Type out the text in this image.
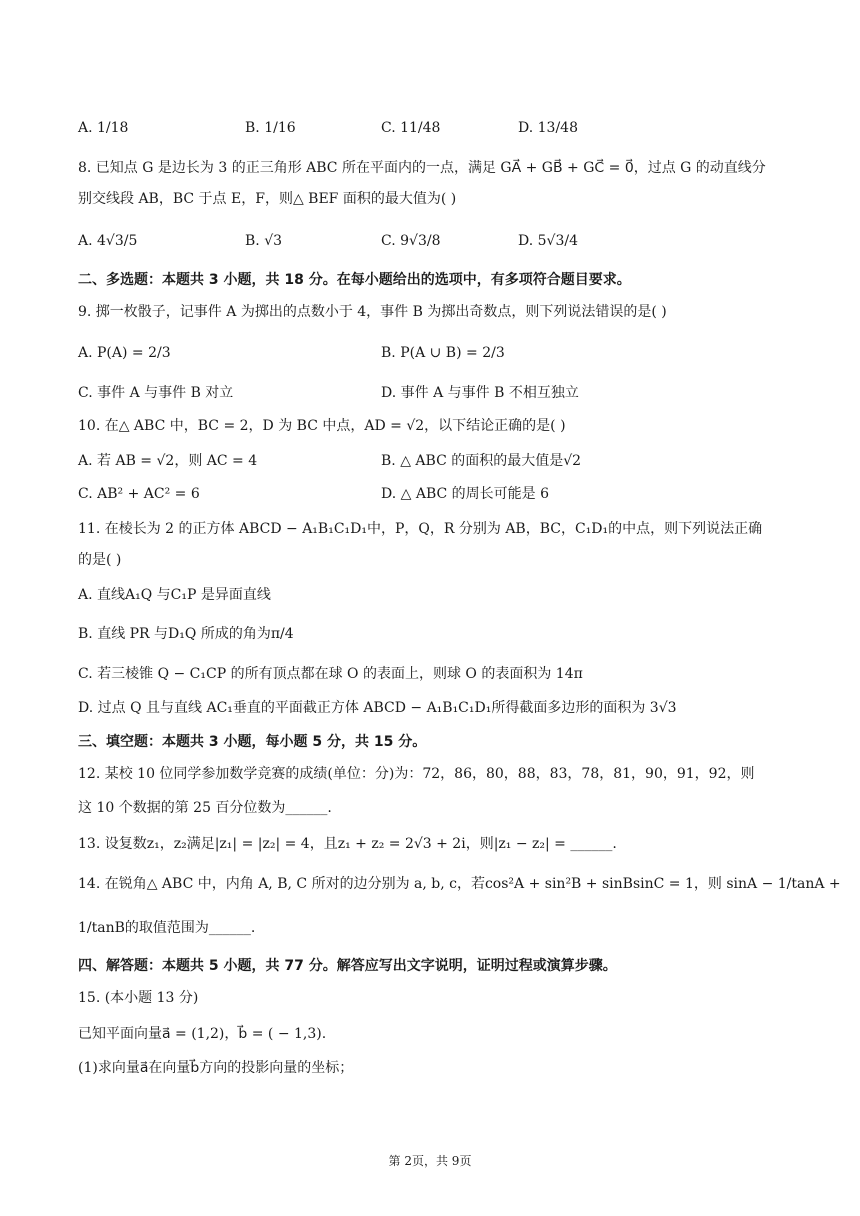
A. 1/18	B. 1/16	C. 11/48	D. 13/48
8. 已知点 G 是边长为 3 的正三角形 ABC 所在平面内的一点，满足 GA⃗ + GB⃗ + GC⃗ = 0⃗，过点 G 的动直线分
别交线段 AB，BC 于点 E，F，则△ BEF 面积的最大值为( )
A. 4√3/5	B. √3	C. 9√3/8	D. 5√3/4
二、多选题：本题共 3 小题，共 18 分。在每小题给出的选项中，有多项符合题目要求。
9. 掷一枚骰子，记事件 A 为掷出的点数小于 4，事件 B 为掷出奇数点，则下列说法错误的是( )
A. P(A) = 2/3	B. P(A ∪ B) = 2/3
C. 事件 A 与事件 B 对立	D. 事件 A 与事件 B 不相互独立
10. 在△ ABC 中，BC = 2，D 为 BC 中点，AD = √2，以下结论正确的是( )
A. 若 AB = √2，则 AC = 4	B. △ ABC 的面积的最大值是√2
C. AB² + AC² = 6	D. △ ABC 的周长可能是 6
11. 在棱长为 2 的正方体 ABCD − A₁B₁C₁D₁中，P，Q，R 分别为 AB，BC，C₁D₁的中点，则下列说法正确
的是( )
A. 直线A₁Q 与C₁P 是异面直线
B. 直线 PR 与D₁Q 所成的角为π/4
C. 若三棱锥 Q − C₁CP 的所有顶点都在球 O 的表面上，则球 O 的表面积为 14π
D. 过点 Q 且与直线 AC₁垂直的平面截正方体 ABCD − A₁B₁C₁D₁所得截面多边形的面积为 3√3
三、填空题：本题共 3 小题，每小题 5 分，共 15 分。
12. 某校 10 位同学参加数学竞赛的成绩(单位：分)为：72，86，80，88，83，78，81，90，91，92，则
这 10 个数据的第 25 百分位数为______.
13. 设复数z₁，z₂满足|z₁| = |z₂| = 4，且z₁ + z₂ = 2√3 + 2i，则|z₁ − z₂| = ______.
14. 在锐角△ ABC 中，内角 A, B, C 所对的边分别为 a, b, c，若cos²A + sin²B + sinBsinC = 1，则 sinA − 1/tanA +
1/tanB的取值范围为______.
四、解答题：本题共 5 小题，共 77 分。解答应写出文字说明，证明过程或演算步骤。
15. (本小题 13 分)
已知平面向量a⃗ = (1,2)，b⃗ = ( − 1,3).
(1)求向量a⃗在向量b⃗方向的投影向量的坐标；
第 2页，共 9页
